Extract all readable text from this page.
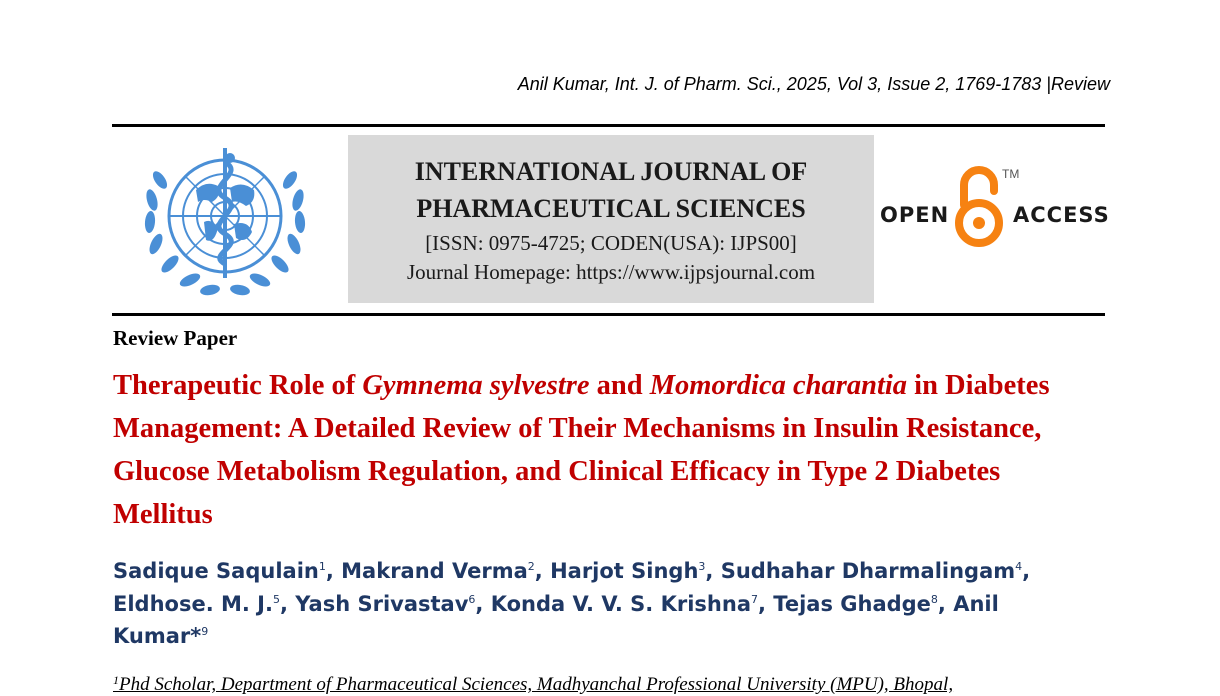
Anil Kumar, Int. J. of Pharm. Sci., 2025, Vol 3, Issue 2, 1769-1783 |Review
INTERNATIONAL JOURNAL OF
PHARMACEUTICAL SCIENCES
[ISSN: 0975-4725; CODEN(USA): IJPS00]
Journal Homepage: https://www.ijpsjournal.com
OPEN
TM
ACCESS
Review Paper
Therapeutic Role of Gymnema sylvestre and Momordica charantia in Diabetes Management: A Detailed Review of Their Mechanisms in Insulin Resistance, Glucose Metabolism Regulation, and Clinical Efficacy in Type 2 Diabetes Mellitus
Sadique Saqulain$^1$, Makrand Verma$^2$, Harjot Singh$^3$, Sudhahar Dharmalingam$^4$,
Eldhose. M. J.$^5$, Yash Srivastav$^6$, Konda V. V. S. Krishna$^7$, Tejas Ghadge$^8$, Anil Kumar*$^9$
$^1$Phd Scholar, Department of Pharmaceutical Sciences, Madhyanchal Professional University (MPU), Bhopal,
